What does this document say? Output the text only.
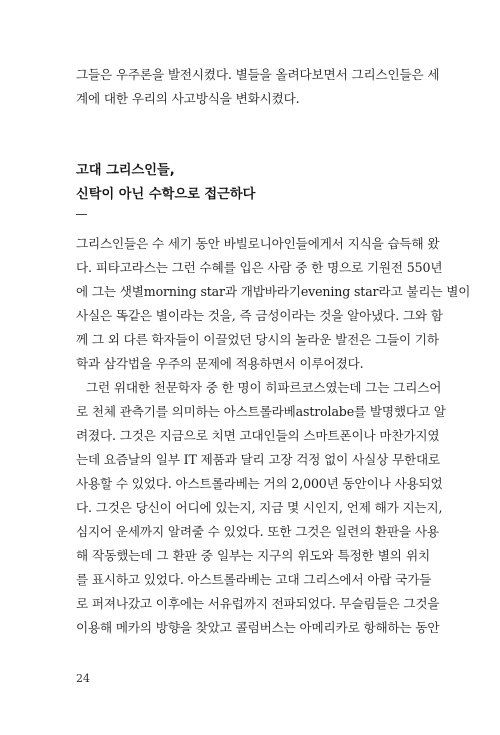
그들은 우주론을 발전시켰다. 별들을 올려다보면서 그리스인들은 세
계에 대한 우리의 사고방식을 변화시켰다.
고대 그리스인들,
신탁이 아닌 수학으로 접근하다
그리스인들은 수 세기 동안 바빌로니아인들에게서 지식을 습득해 왔
다. 피타고라스는 그런 수혜를 입은 사람 중 한 명으로 기원전 550년
에 그는 샛별morning star과 개밥바라기evening star라고 불리는 별이
사실은 똑같은 별이라는 것을, 즉 금성이라는 것을 알아냈다. 그와 함
께 그 외 다른 학자들이 이끌었던 당시의 놀라운 발전은 그들이 기하
학과 삼각법을 우주의 문제에 적용하면서 이루어졌다.
그런 위대한 천문학자 중 한 명이 히파르코스였는데 그는 그리스어
로 천체 관측기를 의미하는 아스트롤라베astrolabe를 발명했다고 알
려졌다. 그것은 지금으로 치면 고대인들의 스마트폰이나 마찬가지였
는데 요즘날의 일부 IT 제품과 달리 고장 걱정 없이 사실상 무한대로
사용할 수 있었다. 아스트롤라베는 거의 2,000년 동안이나 사용되었
다. 그것은 당신이 어디에 있는지, 지금 몇 시인지, 언제 해가 지는지,
심지어 운세까지 알려줄 수 있었다. 또한 그것은 일련의 환판을 사용
해 작동했는데 그 환판 중 일부는 지구의 위도와 특정한 별의 위치
를 표시하고 있었다. 아스트롤라베는 고대 그리스에서 아랍 국가들
로 퍼져나갔고 이후에는 서유럽까지 전파되었다. 무슬림들은 그것을
이용해 메카의 방향을 찾았고 콜럼버스는 아메리카로 항해하는 동안
24
